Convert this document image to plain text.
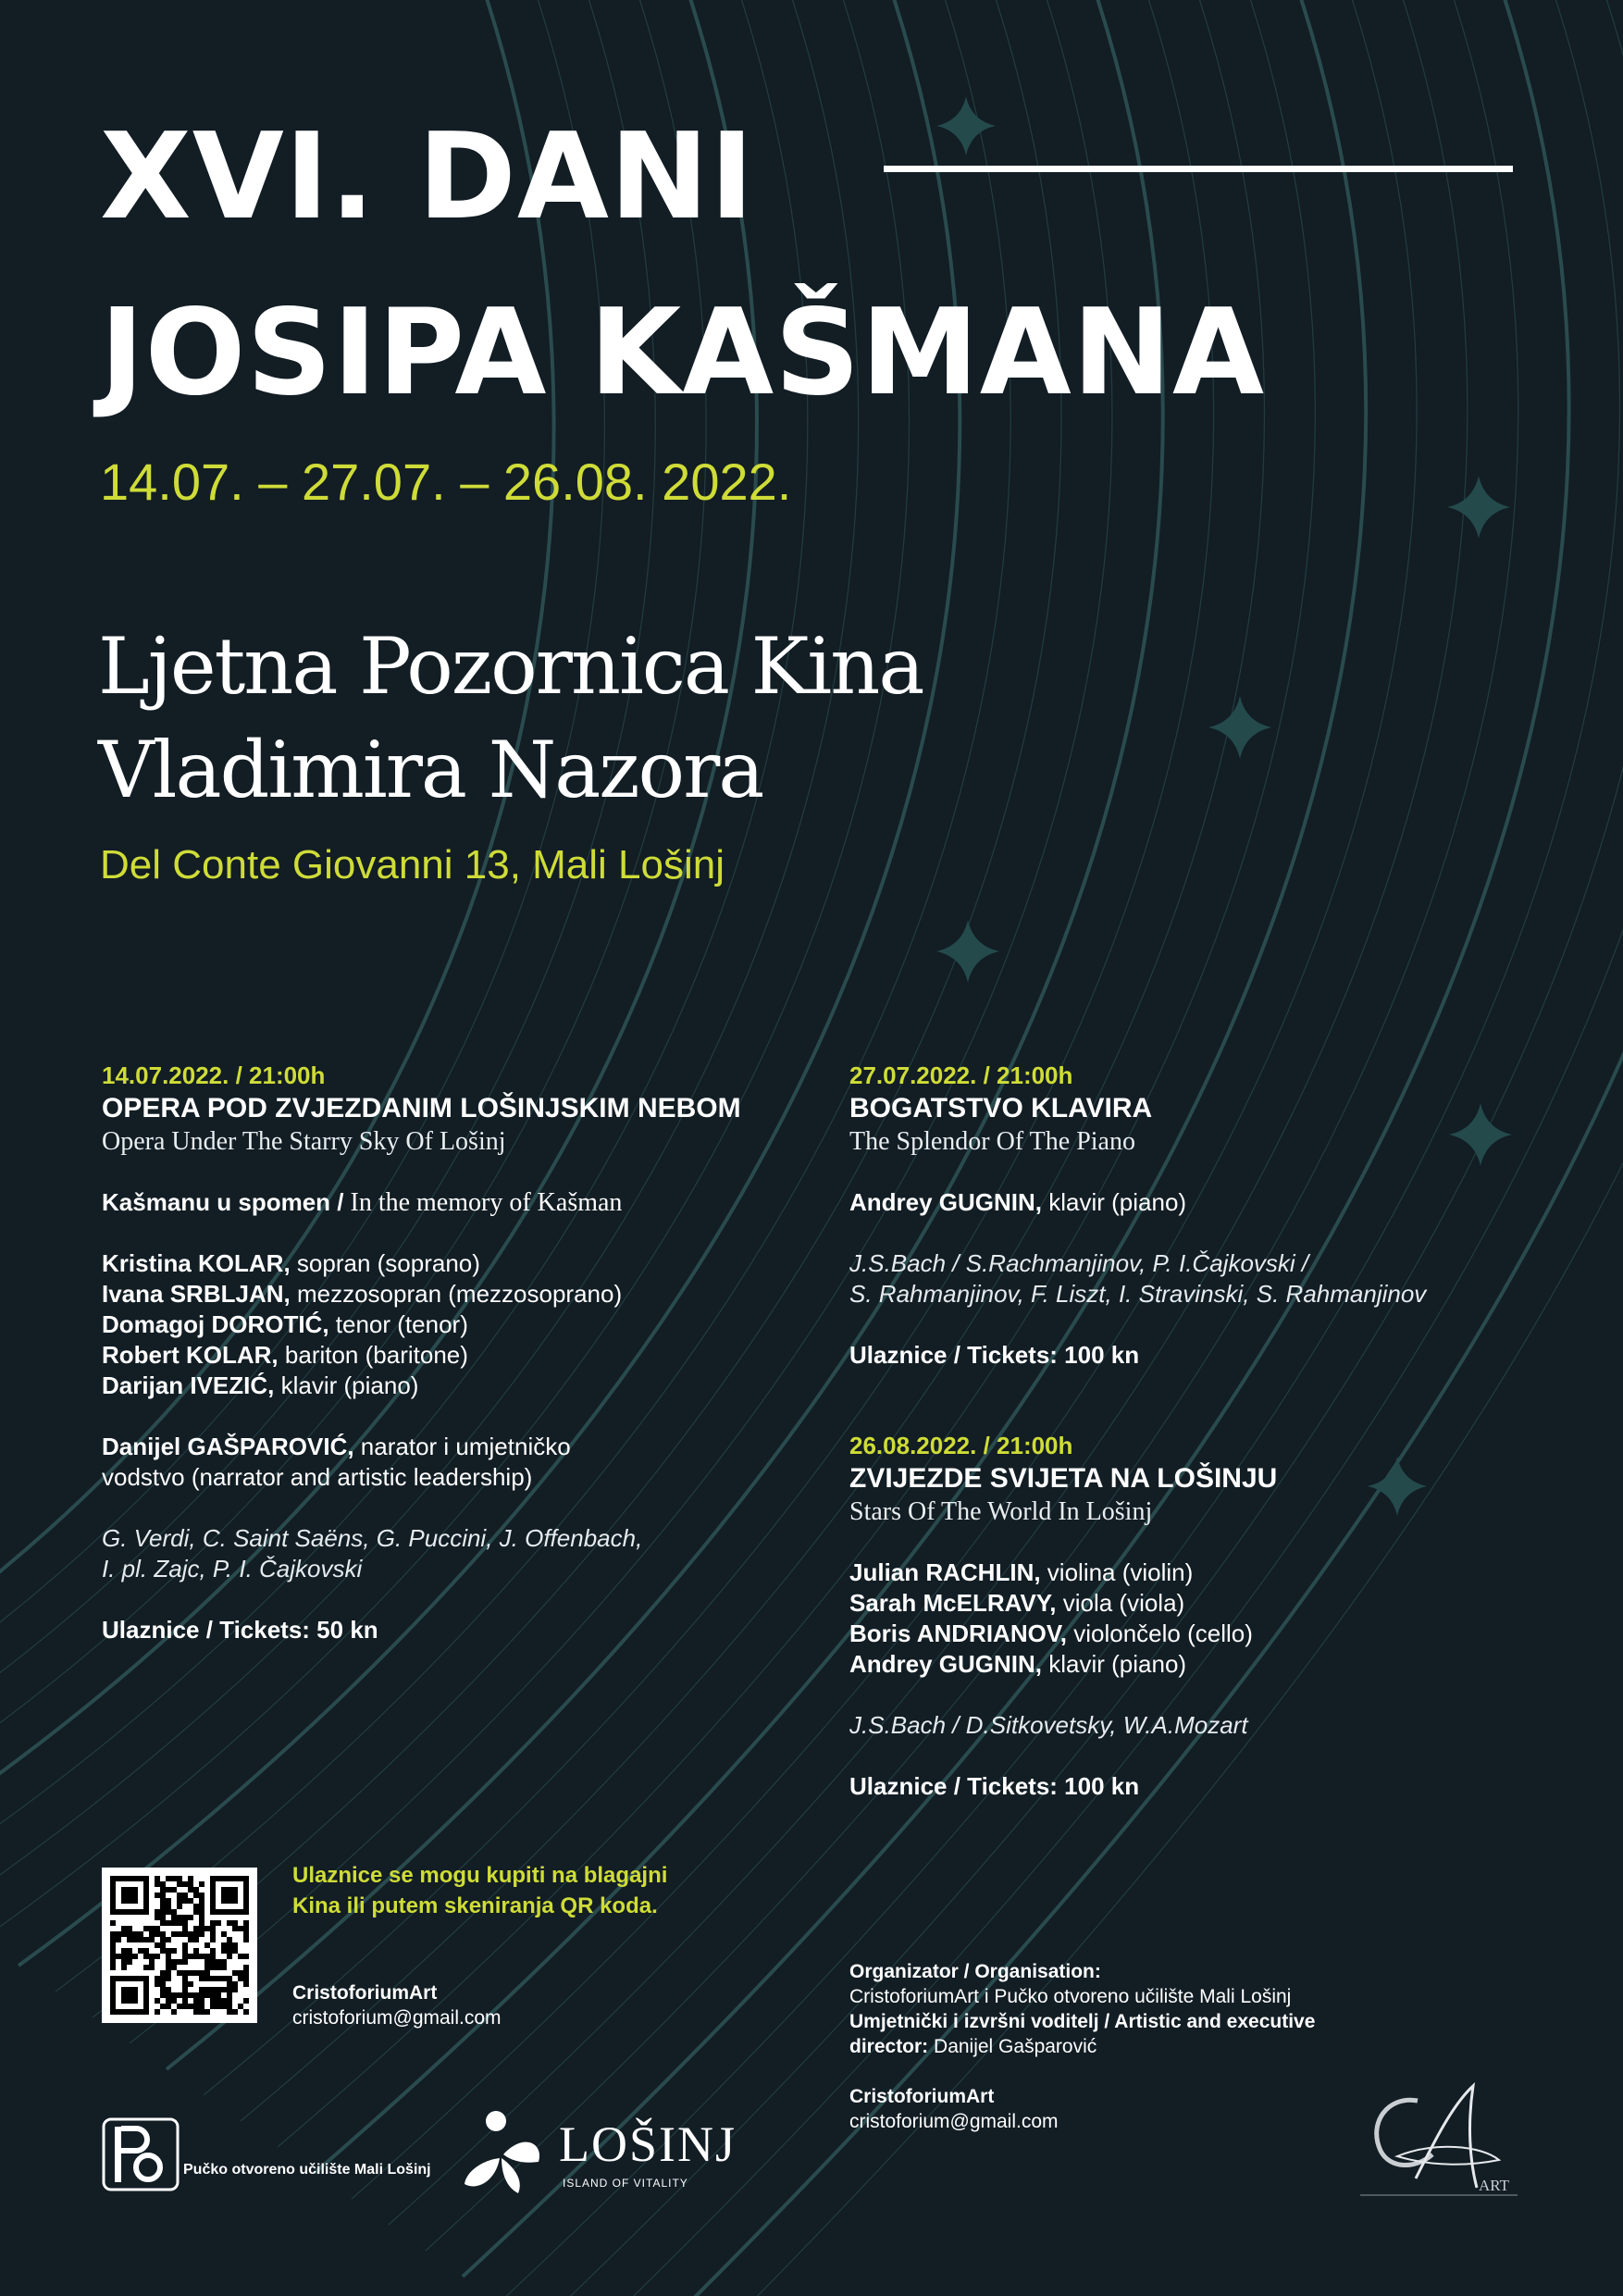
XVI. DANI
JOSIPA KAŠMANA
14.07. – 27.07. – 26.08. 2022.
Ljetna Pozornica Kina
Vladimira Nazora
Del Conte Giovanni 13, Mali Lošinj
14.07.2022. / 21:00h
OPERA POD ZVJEZDANIM LOŠINJSKIM NEBOM
Opera Under The Starry Sky Of Lošinj
Kašmanu u spomen / In the memory of Kašman
Kristina KOLAR, sopran (soprano)
Ivana SRBLJAN, mezzosopran (mezzosoprano)
Domagoj DOROTIĆ, tenor (tenor)
Robert KOLAR, bariton (baritone)
Darijan IVEZIĆ, klavir (piano)
Danijel GAŠPAROVIĆ, narator i umjetničko
vodstvo (narrator and artistic leadership)
G. Verdi, C. Saint Saëns, G. Puccini, J. Offenbach,
I. pl. Zajc, P. I. Čajkovski
Ulaznice / Tickets: 50 kn
27.07.2022. / 21:00h
BOGATSTVO KLAVIRA
The Splendor Of The Piano
Andrey GUGNIN, klavir (piano)
J.S.Bach / S.Rachmanjinov, P. I.Čajkovski /
S. Rahmanjinov, F. Liszt, I. Stravinski, S. Rahmanjinov
Ulaznice / Tickets: 100 kn
26.08.2022. / 21:00h
ZVIJEZDE SVIJETA NA LOŠINJU
Stars Of The World In Lošinj
Julian RACHLIN, violina (violin)
Sarah McELRAVY, viola (viola)
Boris ANDRIANOV, violončelo (cello)
Andrey GUGNIN, klavir (piano)
J.S.Bach / D.Sitkovetsky, W.A.Mozart
Ulaznice / Tickets: 100 kn
Ulaznice se mogu kupiti na blagajni
Kina ili putem skeniranja QR koda.
CristoforiumArt
cristoforium@gmail.com
Organizator / Organisation:
CristoforiumArt i Pučko otvoreno učilište Mali Lošinj
Umjetnički i izvršni voditelj / Artistic and executive
director: Danijel Gašparović
CristoforiumArt
cristoforium@gmail.com
Pučko otvoreno učilište Mali Lošinj	LOŠINJ
ISLAND OF VITALITY	ART
